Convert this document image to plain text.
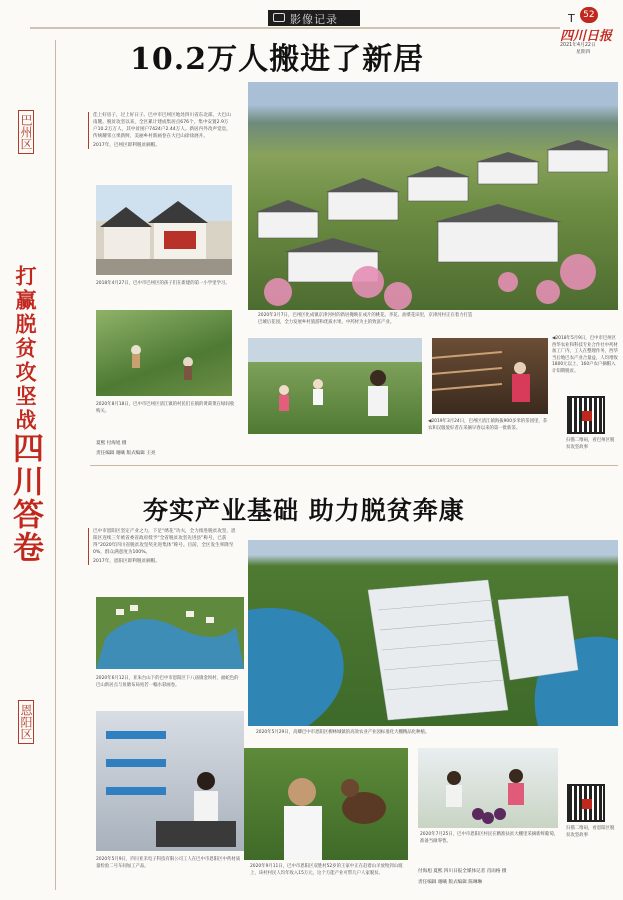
影像记录	T 52
四川日报
2021年4月22日
星期四
巴州区
打赢脱贫攻坚战
四川答卷
恩阳区
10.2万人搬进了新居

佳上好房子，过上好日子。巴中市巴州区地处四川省东北部，大巴山南麓。脱贫攻坚以来，全区累计建成集居点676个，集中安置2.9万户10.2万万人，其中贫困户7424户2.44万人。新居内外改声觉息，传统耀邻立果新鲜，美丽乡村新画卷在大巴山徐徐展开。

2017年，巴州区即利脱贫摘帽。

2018年4月27日，巴中市巴州区的孩子们在新建的第一小学里学习。

2020年8月18日，巴中市巴州区清江镇的村民们在镇的黄葛菜在绿间收购关。

2020年3月7日，巴州区化成镇京津河村的新居掩映在成片的桃花、李花、油菜花田里，京津河村正在着力打造巴城后花园，全力发展乡村旅游和优质水果，中药材为主的致富产业。

◀2019年3月24日，巴州区清江镇海拔900多米的茶园里，茶农和汉服爱好者在采摘早春以来的第一批新茶。

◀2018年5月9日，巴中市巴州区西华农业和科技专业合作社中药材加工厂内，工人在整理作务，西华当后地巴农产业合量益，人均增收1800元以上，160户农户摘帽入计知期脱贫。

扫描二维码，看巴州区脱贫攻坚故事

夏熙 付海旭 摄

责任编辑 谢曦 版式编辑 王亮

夯实产业基础 助力脱贫奔康

巴中市恩阳区坚定产业之力，下足“绣花”功夫，全力推进脱贫攻坚，恩阳区连续三年被省委省政府授予“全省脱贫攻坚先进县”称号，已获得“2020年四川省脱贫攻坚奖先进集体”称号。目前，全区发生率降至0%，群众满意度为100%。

2017年，恩阳区即利脱贫摘帽。

2020年6月12日，亚朱台山下的巴中市恩阳区下八庙镇金坝村，福蛇色的巴山新居点与鱼塘布局宛若一幅水彩画卷。

2020年5月9日，四川亚禾电子科技有限公司工人在巴中市恩阳区中药材质量检验二号车间加工产品。

2020年5月29日，高卿巴中市恩阳区柳林城镇的高效农业产业园标准化大棚精品化种植。

2020年9月11日，巴中市恩阳区双胜村52岁的王家中正在赶着山羊放牧到山坡上，该村村民人均年收入15万元，这个万能产业可带几户人家脱贫。

2020年7月25日，巴中市恩阳区村民在精准扶贫大棚里采摘新鲜葡萄，准备当做零售。

扫描二维码，看恩阳区脱贫攻坚故事

付海旭 夏熙 四川日报全媒体记者 肖雨格 摄

责任编辑 谢曦 版式编辑 陈琳琳
